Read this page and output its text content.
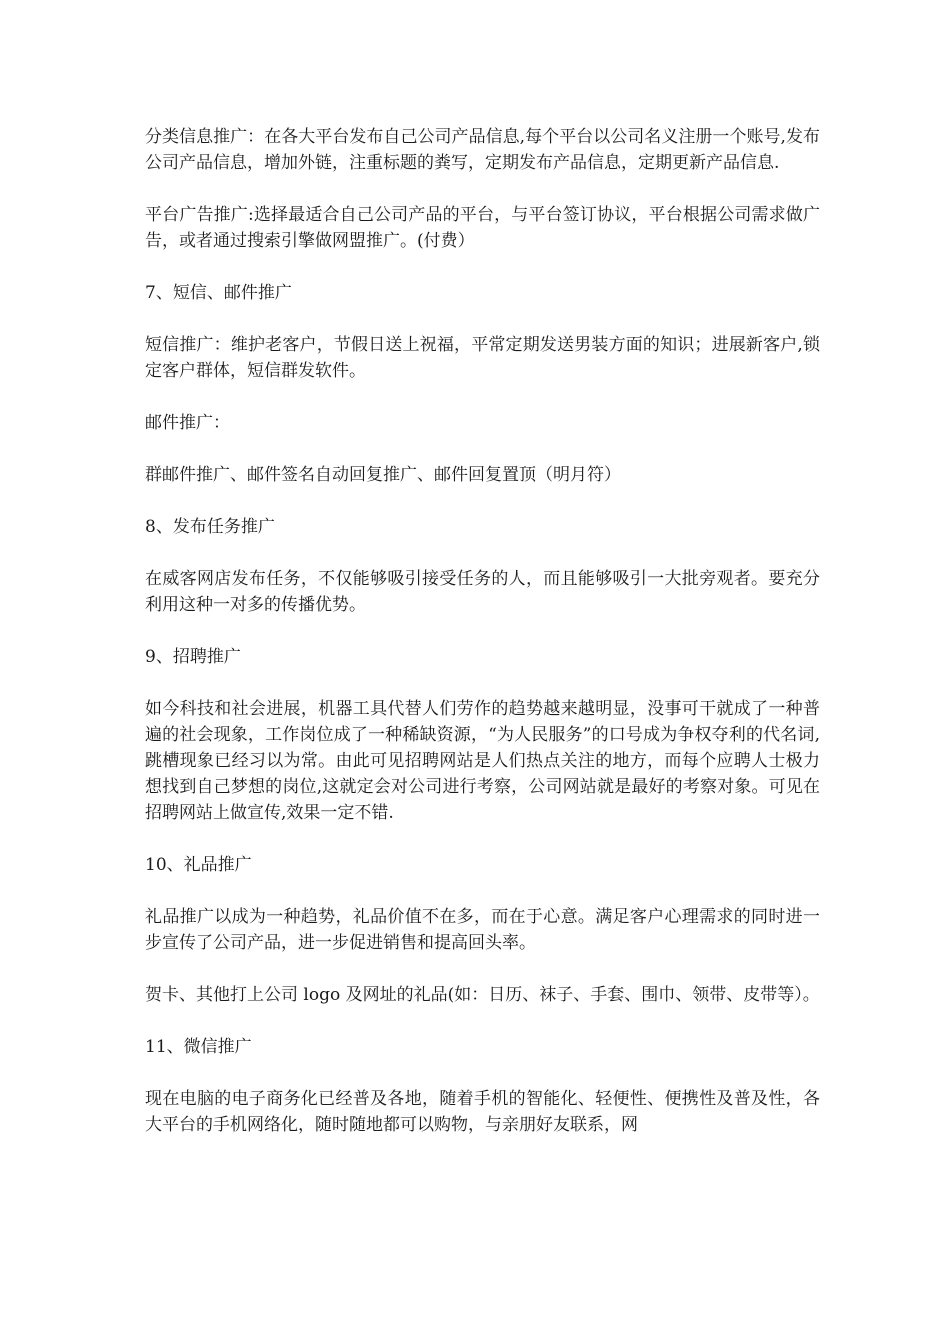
分类信息推广：在各大平台发布自己公司产品信息,每个平台以公司名义注册一个账号,发布公司产品信息，增加外链，注重标题的粪写，定期发布产品信息，定期更新产品信息.

平台广告推广:选择最适合自己公司产品的平台，与平台签订协议，平台根据公司需求做广告，或者通过搜索引擎做网盟推广。(付费）

7、短信、邮件推广

短信推广：维护老客户，节假日送上祝福，平常定期发送男装方面的知识；进展新客户,锁定客户群体，短信群发软件。

邮件推广：

群邮件推广、邮件签名自动回复推广、邮件回复置顶（明月符）

8、发布任务推广

在威客网店发布任务，不仅能够吸引接受任务的人，而且能够吸引一大批旁观者。要充分利用这种一对多的传播优势。

9、招聘推广

如今科技和社会进展，机器工具代替人们劳作的趋势越来越明显，没事可干就成了一种普遍的社会现象，工作岗位成了一种稀缺资源，“为人民服务”的口号成为争权夺利的代名词,跳槽现象已经习以为常。由此可见招聘网站是人们热点关注的地方，而每个应聘人士极力想找到自己梦想的岗位,这就定会对公司进行考察，公司网站就是最好的考察对象。可见在招聘网站上做宣传,效果一定不错.

10、礼品推广

礼品推广以成为一种趋势，礼品价值不在多，而在于心意。满足客户心理需求的同时进一步宣传了公司产品，进一步促进销售和提高回头率。

贺卡、其他打上公司 logo 及网址的礼品(如：日历、袜子、手套、围巾、领带、皮带等）。

11、微信推广

现在电脑的电子商务化已经普及各地，随着手机的智能化、轻便性、便携性及普及性，各大平台的手机网络化，随时随地都可以购物，与亲朋好友联系，网
